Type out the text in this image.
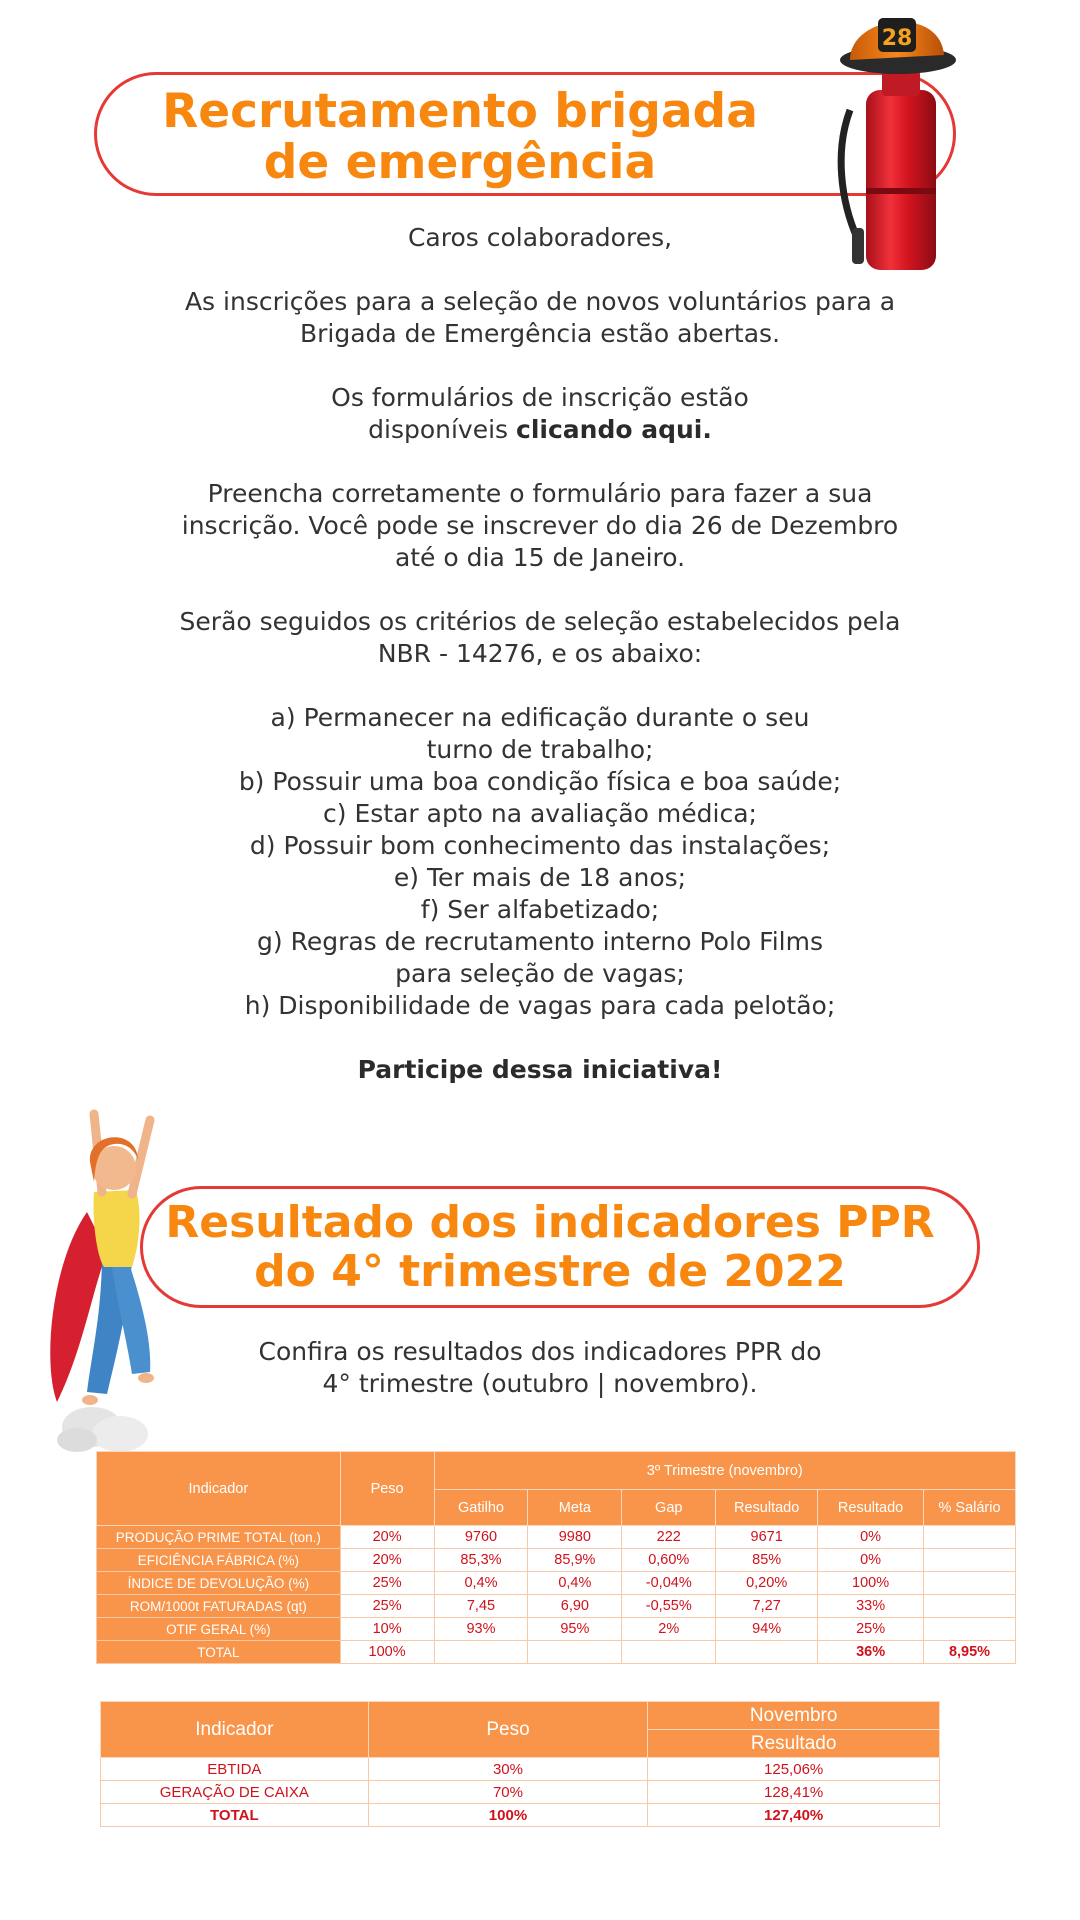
Recrutamento brigada
de emergência
28

Caros colaboradores,

As inscrições para a seleção de novos voluntários para a

Brigada de Emergência estão abertas.

Os formulários de inscrição estão

disponíveis clicando aqui.

Preencha corretamente o formulário para fazer a sua

inscrição. Você pode se inscrever do dia 26 de Dezembro

até o dia 15 de Janeiro.

Serão seguidos os critérios de seleção estabelecidos pela

NBR - 14276, e os abaixo:

a) Permanecer na edificação durante o seu

turno de trabalho;

b) Possuir uma boa condição física e boa saúde;

c) Estar apto na avaliação médica;

d) Possuir bom conhecimento das instalações;

e) Ter mais de 18 anos;

f) Ser alfabetizado;

g) Regras de recrutamento interno Polo Films

para seleção de vagas;

h) Disponibilidade de vagas para cada pelotão;

Participe dessa iniciativa!

Resultado dos indicadores PPR
do 4° trimestre de 2022

Confira os resultados dos indicadores PPR do

4° trimestre (outubro | novembro).

Indicador	Peso	3º Trimestre (novembro)					
		Gatilho	Meta	Gap	Resultado	Resultado	% Salário
PRODUÇÃO PRIME TOTAL (ton.)	20%	9760	9980	222	9671	0%	
EFICIÊNCIA FÁBRICA (%)	20%	85,3%	85,9%	0,60%	85%	0%	
ÍNDICE DE DEVOLUÇÃO (%)	25%	0,4%	0,4%	-0,04%	0,20%	100%	
ROM/1000t FATURADAS (qt)	25%	7,45	6,90	-0,55%	7,27	33%	
OTIF GERAL (%)	10%	93%	95%	2%	94%	25%	
TOTAL	100%					36%	8,95%
Indicador	Peso	Novembro
		Resultado
EBTIDA	30%	125,06%
GERAÇÃO DE CAIXA	70%	128,41%
TOTAL	100%	127,40%
